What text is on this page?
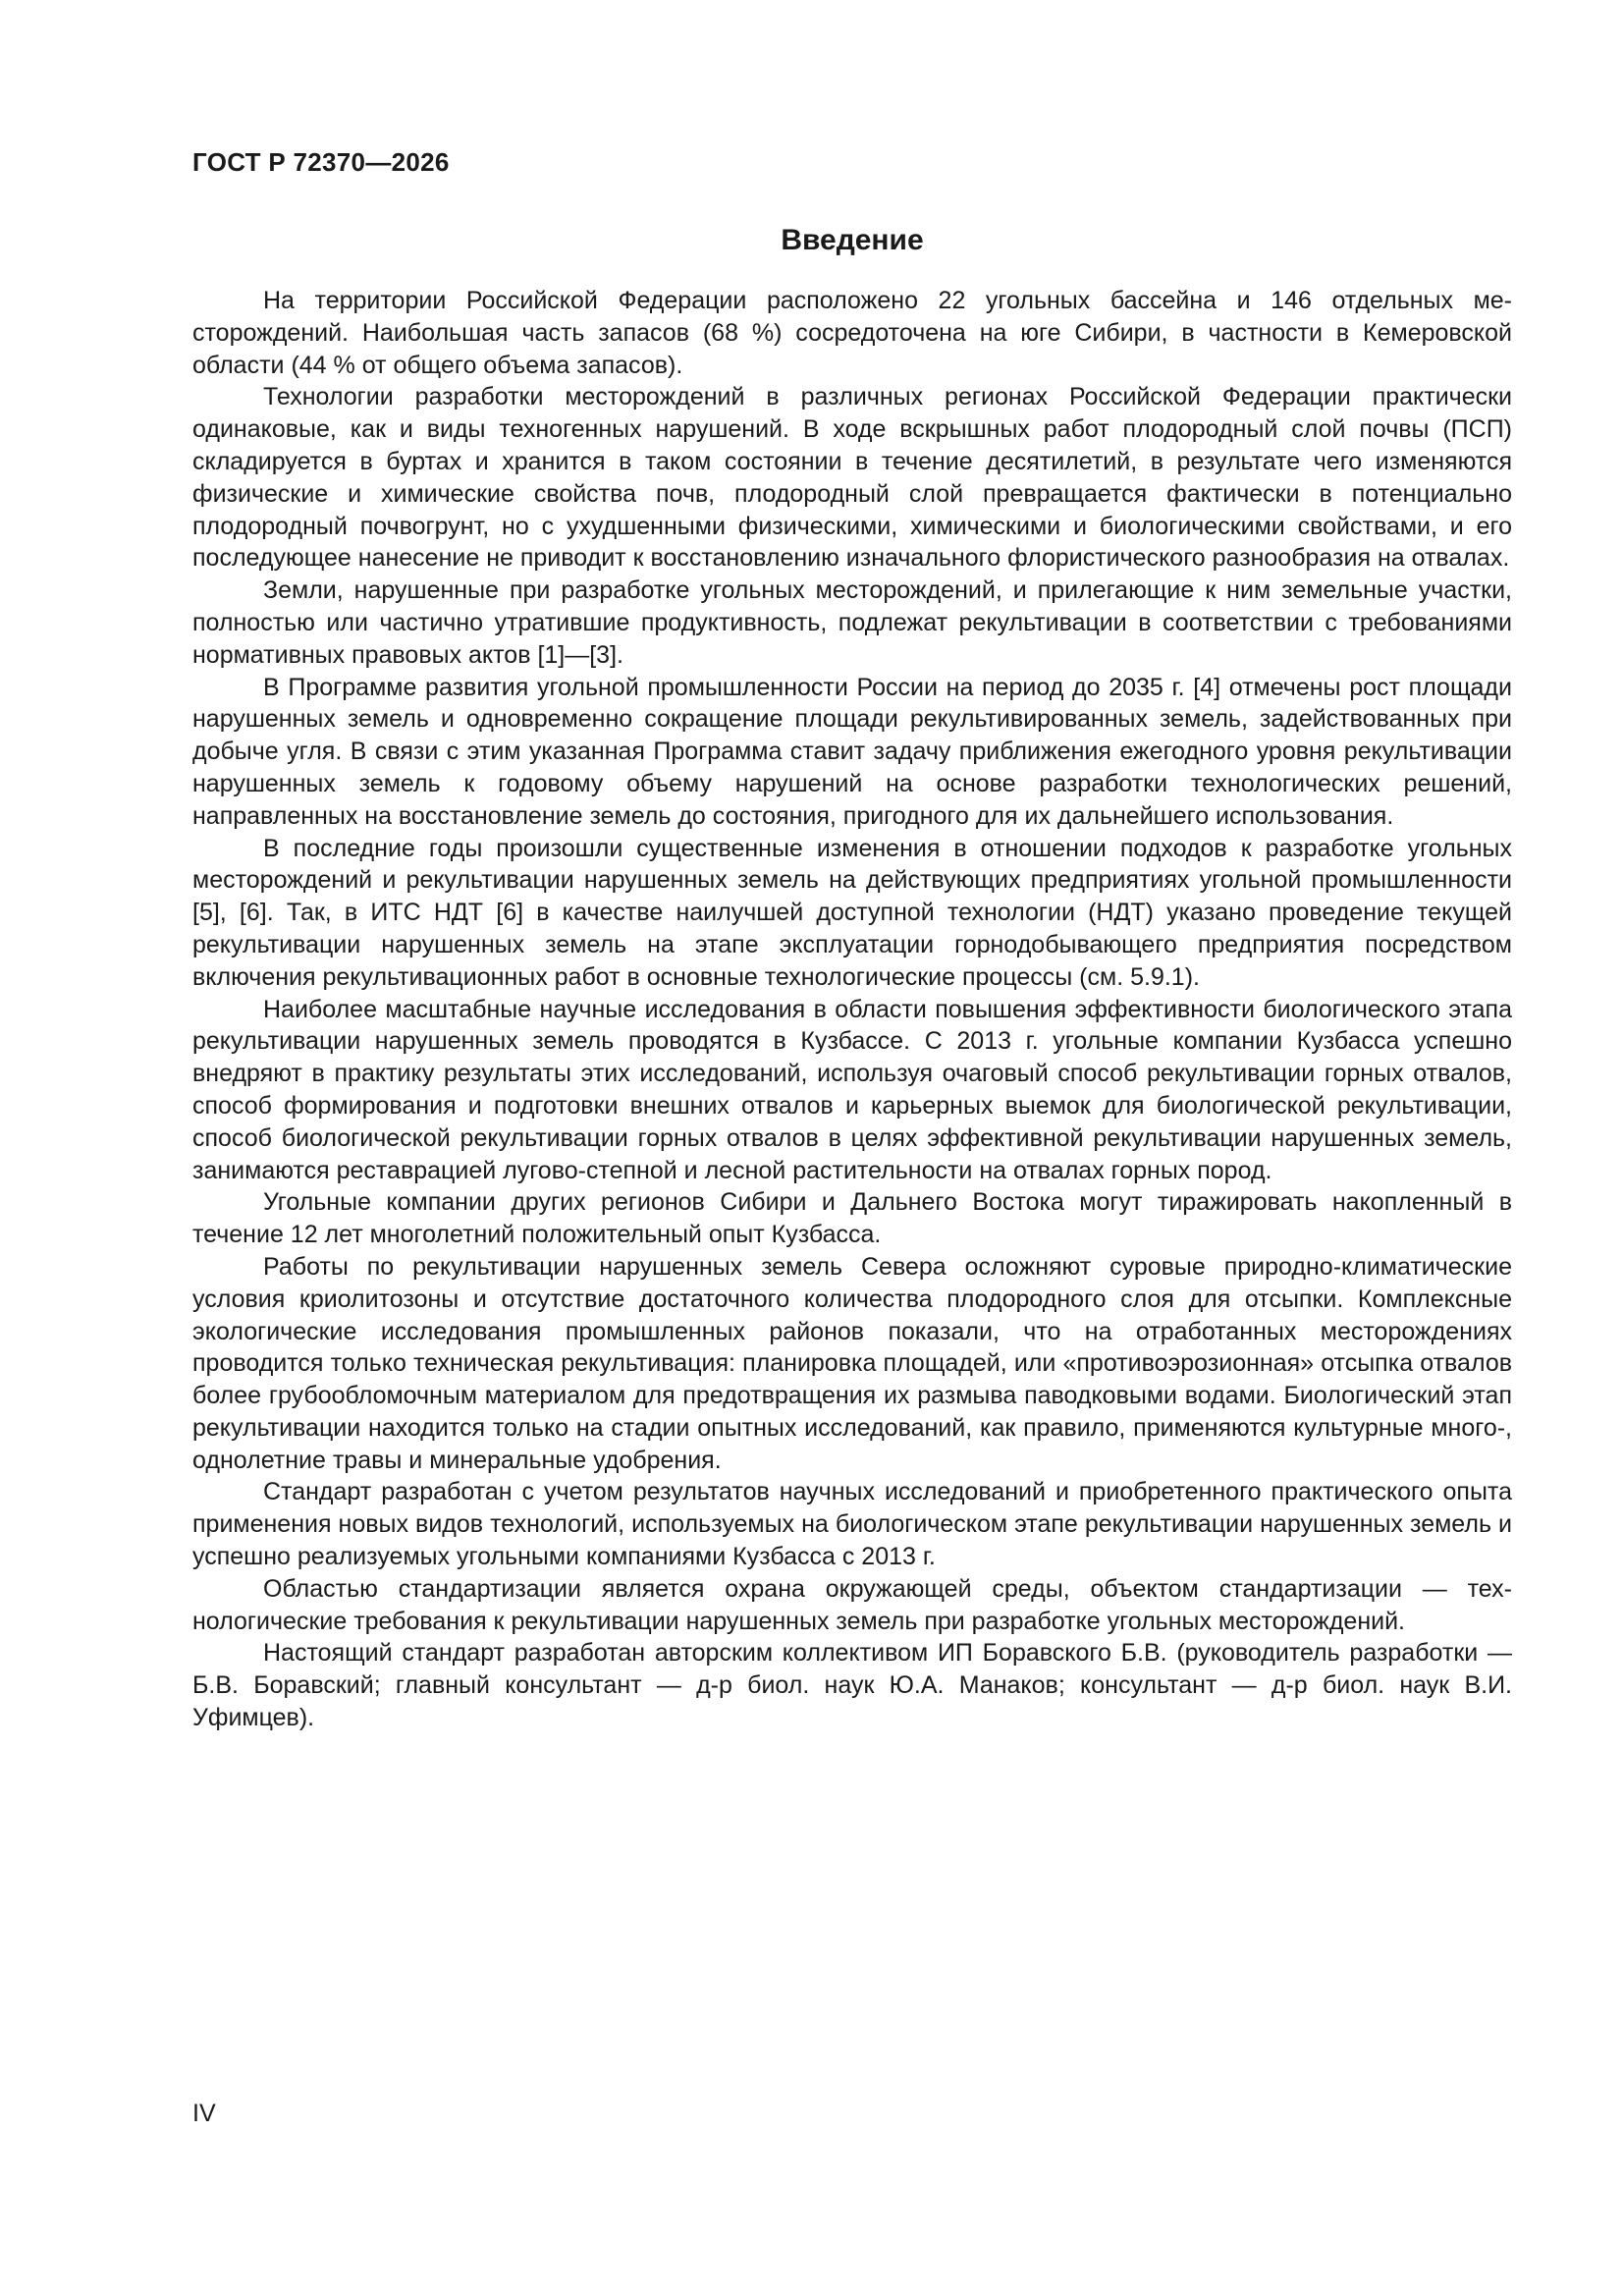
ГОСТ Р 72370—2026

Введение

На территории Российской Федерации расположено 22 угольных бассейна и 146 отдельных месторождений. Наибольшая часть запасов (68 %) сосредоточена на юге Сибири, в частности в Кемеровской области (44 % от общего объема запасов).

Технологии разработки месторождений в различных регионах Российской Федерации практически одинаковые, как и виды техногенных нарушений. В ходе вскрышных работ плодородный слой почвы (ПСП) складируется в буртах и хранится в таком состоянии в течение десятилетий, в результате чего изменяются физические и химические свойства почв, плодородный слой превращается фактически в потенциально плодородный почвогрунт, но с ухудшенными физическими, химическими и биологическими свойствами, и его последующее нанесение не приводит к восстановлению изначального флористического разнообразия на отвалах.

Земли, нарушенные при разработке угольных месторождений, и прилегающие к ним земельные участки, полностью или частично утратившие продуктивность, подлежат рекультивации в соответствии с требованиями нормативных правовых актов [1]—[3].

В Программе развития угольной промышленности России на период до 2035 г. [4] отмечены рост площади нарушенных земель и одновременно сокращение площади рекультивированных земель, задействованных при добыче угля. В связи с этим указанная Программа ставит задачу приближения ежегодного уровня рекультивации нарушенных земель к годовому объему нарушений на основе разработки технологических решений, направленных на восстановление земель до состояния, пригодного для их дальнейшего использования.

В последние годы произошли существенные изменения в отношении подходов к разработке угольных месторождений и рекультивации нарушенных земель на действующих предприятиях угольной промышленности [5], [6]. Так, в ИТС НДТ [6] в качестве наилучшей доступной технологии (НДТ) указано проведение текущей рекультивации нарушенных земель на этапе эксплуатации горнодобывающего предприятия посредством включения рекультивационных работ в основные технологические процессы (см. 5.9.1).

Наиболее масштабные научные исследования в области повышения эффективности биологического этапа рекультивации нарушенных земель проводятся в Кузбассе. С 2013 г. угольные компании Кузбасса успешно внедряют в практику результаты этих исследований, используя очаговый способ рекультивации горных отвалов, способ формирования и подготовки внешних отвалов и карьерных выемок для биологической рекультивации, способ биологической рекультивации горных отвалов в целях эффективной рекультивации нарушенных земель, занимаются реставрацией лугово-степной и лесной растительности на отвалах горных пород.

Угольные компании других регионов Сибири и Дальнего Востока могут тиражировать накопленный в течение 12 лет многолетний положительный опыт Кузбасса.

Работы по рекультивации нарушенных земель Севера осложняют суровые природно-климатические условия криолитозоны и отсутствие достаточного количества плодородного слоя для отсыпки. Комплексные экологические исследования промышленных районов показали, что на отработанных месторождениях проводится только техническая рекультивация: планировка площадей, или «противоэрозионная» отсыпка отвалов более грубообломочным материалом для предотвращения их размыва паводковыми водами. Биологический этап рекультивации находится только на стадии опытных исследований, как правило, применяются культурные много-, однолетние травы и минеральные удобрения.

Стандарт разработан с учетом результатов научных исследований и приобретенного практического опыта применения новых видов технологий, используемых на биологическом этапе рекультивации нарушенных земель и успешно реализуемых угольными компаниями Кузбасса с 2013 г.

Областью стандартизации является охрана окружающей среды, объектом стандартизации — технологические требования к рекультивации нарушенных земель при разработке угольных месторождений.

Настоящий стандарт разработан авторским коллективом ИП Боравского Б.В. (руководитель разработки — Б.В. Боравский; главный консультант — д-р биол. наук Ю.А. Манаков; консультант — д-р биол. наук В.И. Уфимцев).

IV
